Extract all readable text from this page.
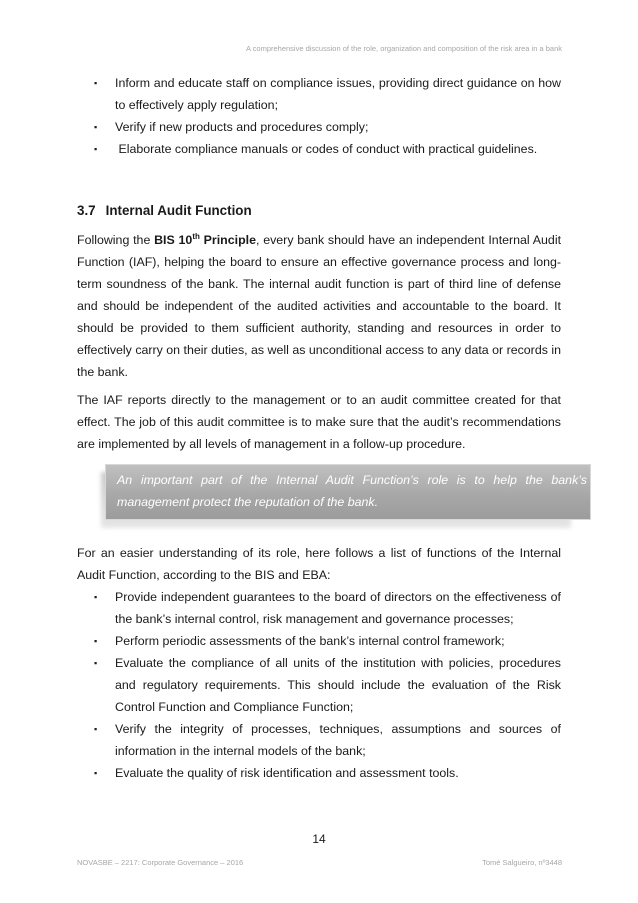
A comprehensive discussion of the role, organization and composition of the risk area in a bank
▪ Inform and educate staff on compliance issues, providing direct guidance on how to effectively apply regulation;
▪ Verify if new products and procedures comply;
▪ Elaborate compliance manuals or codes of conduct with practical guidelines.
3.7 Internal Audit Function

Following the BIS 10th Principle, every bank should have an independent Internal Audit Function (IAF), helping the board to ensure an effective governance process and long-term soundness of the bank. The internal audit function is part of third line of defense and should be independent of the audited activities and accountable to the board. It should be provided to them sufficient authority, standing and resources in order to effectively carry on their duties, as well as unconditional access to any data or records in the bank.

The IAF reports directly to the management or to an audit committee created for that effect. The job of this audit committee is to make sure that the audit’s recommendations are implemented by all levels of management in a follow-up procedure.

An important part of the Internal Audit Function’s role is to help the bank’s management protect the reputation of the bank.

For an easier understanding of its role, here follows a list of functions of the Internal Audit Function, according to the BIS and EBA:

▪ Provide independent guarantees to the board of directors on the effectiveness of the bank’s internal control, risk management and governance processes;
▪ Perform periodic assessments of the bank’s internal control framework;
▪ Evaluate the compliance of all units of the institution with policies, procedures and regulatory requirements. This should include the evaluation of the Risk Control Function and Compliance Function;
▪ Verify the integrity of processes, techniques, assumptions and sources of information in the internal models of the bank;
▪ Evaluate the quality of risk identification and assessment tools.
14
NOVASBE – 2217: Corporate Governance – 2016	Tomé Salgueiro, nº3448
